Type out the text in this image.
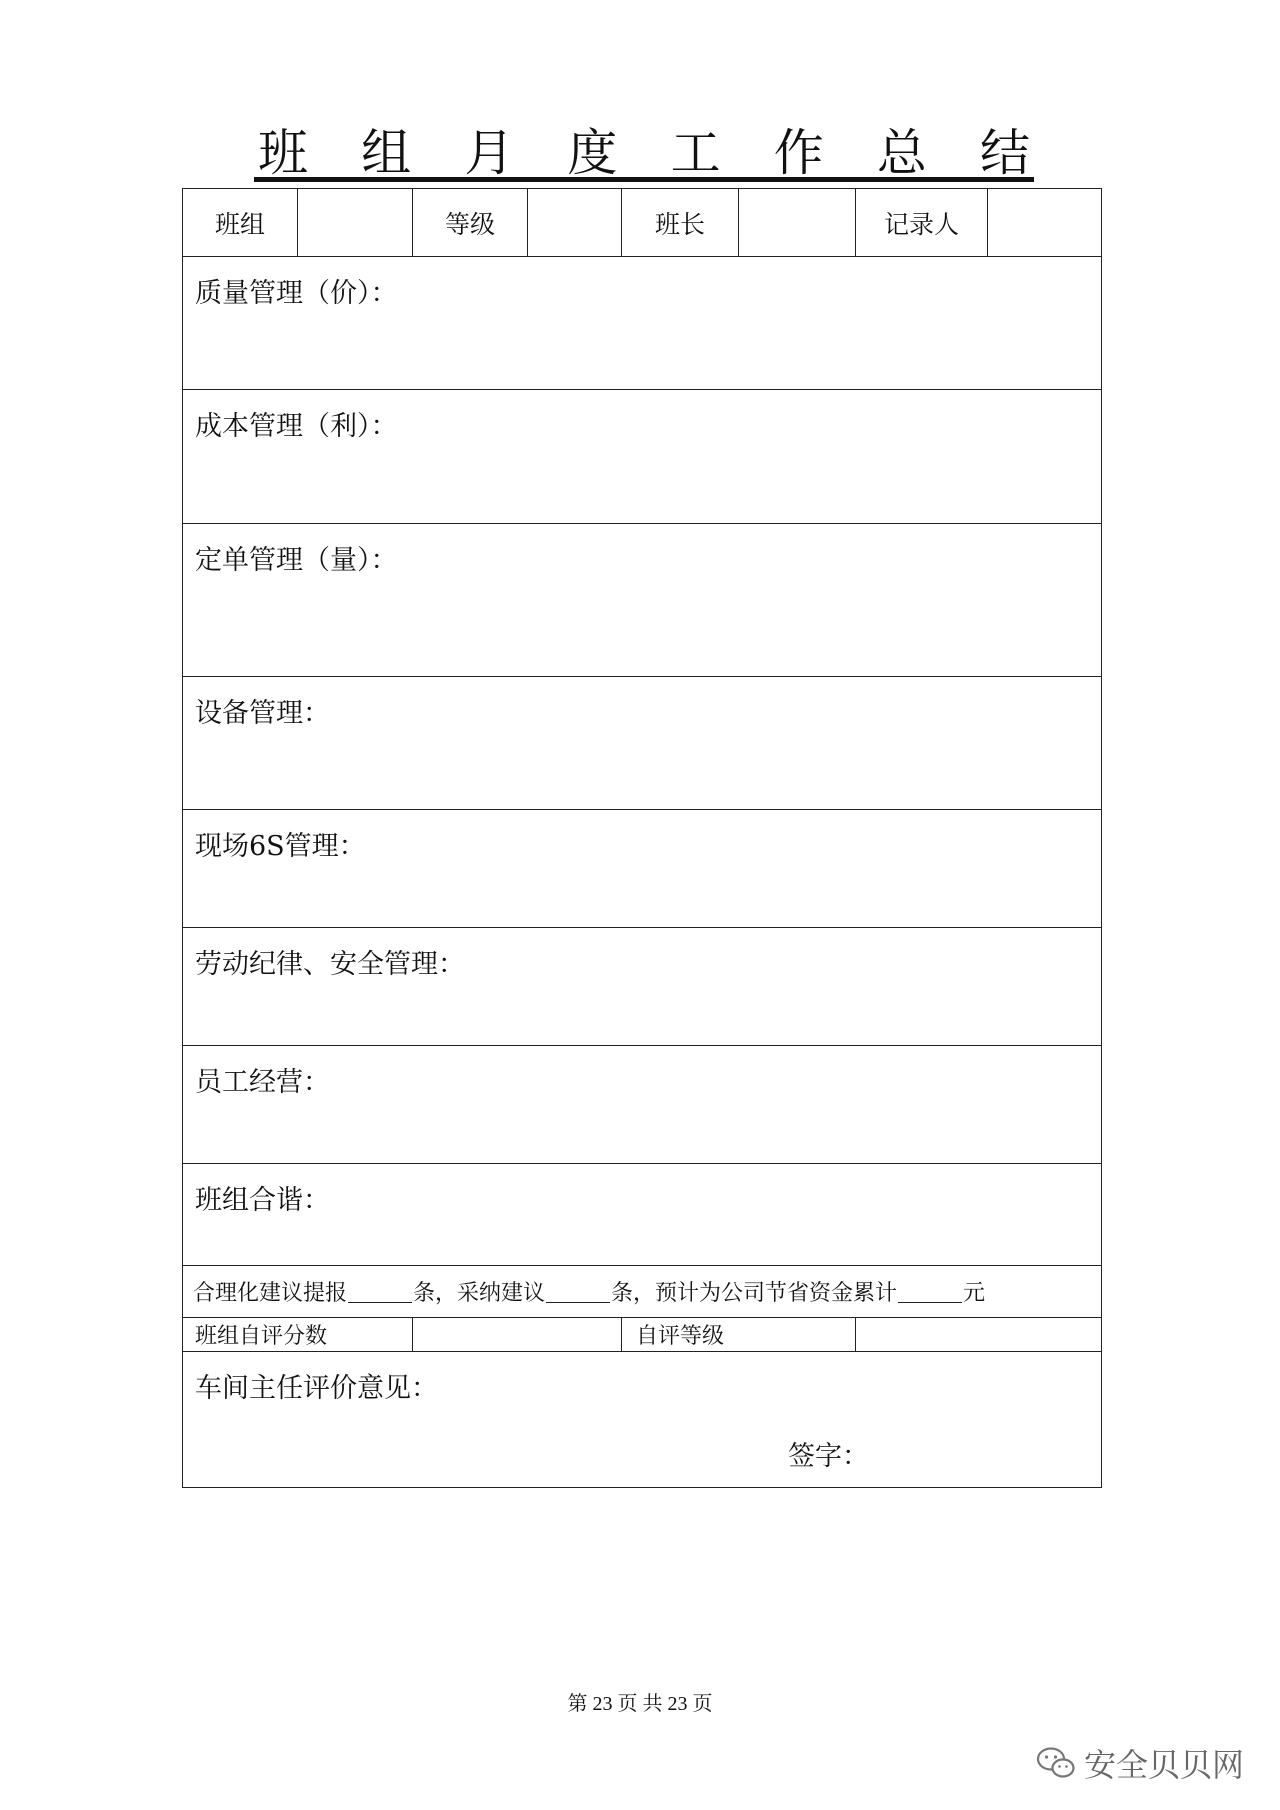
班 组 月 度 工 作 总 结
班组	等级	班长	记录人
质量管理（价）：
成本管理（利）：
定单管理（量）：
设备管理：
现场6S管理：
劳动纪律、安全管理：
员工经营：
班组合谐：
合理化建议提报	条，采纳建议	条，预计为公司节省资金累计	元
班组自评分数	自评等级
车间主任评价意见：
签字：
第 23 页 共 23 页
安全贝贝网
